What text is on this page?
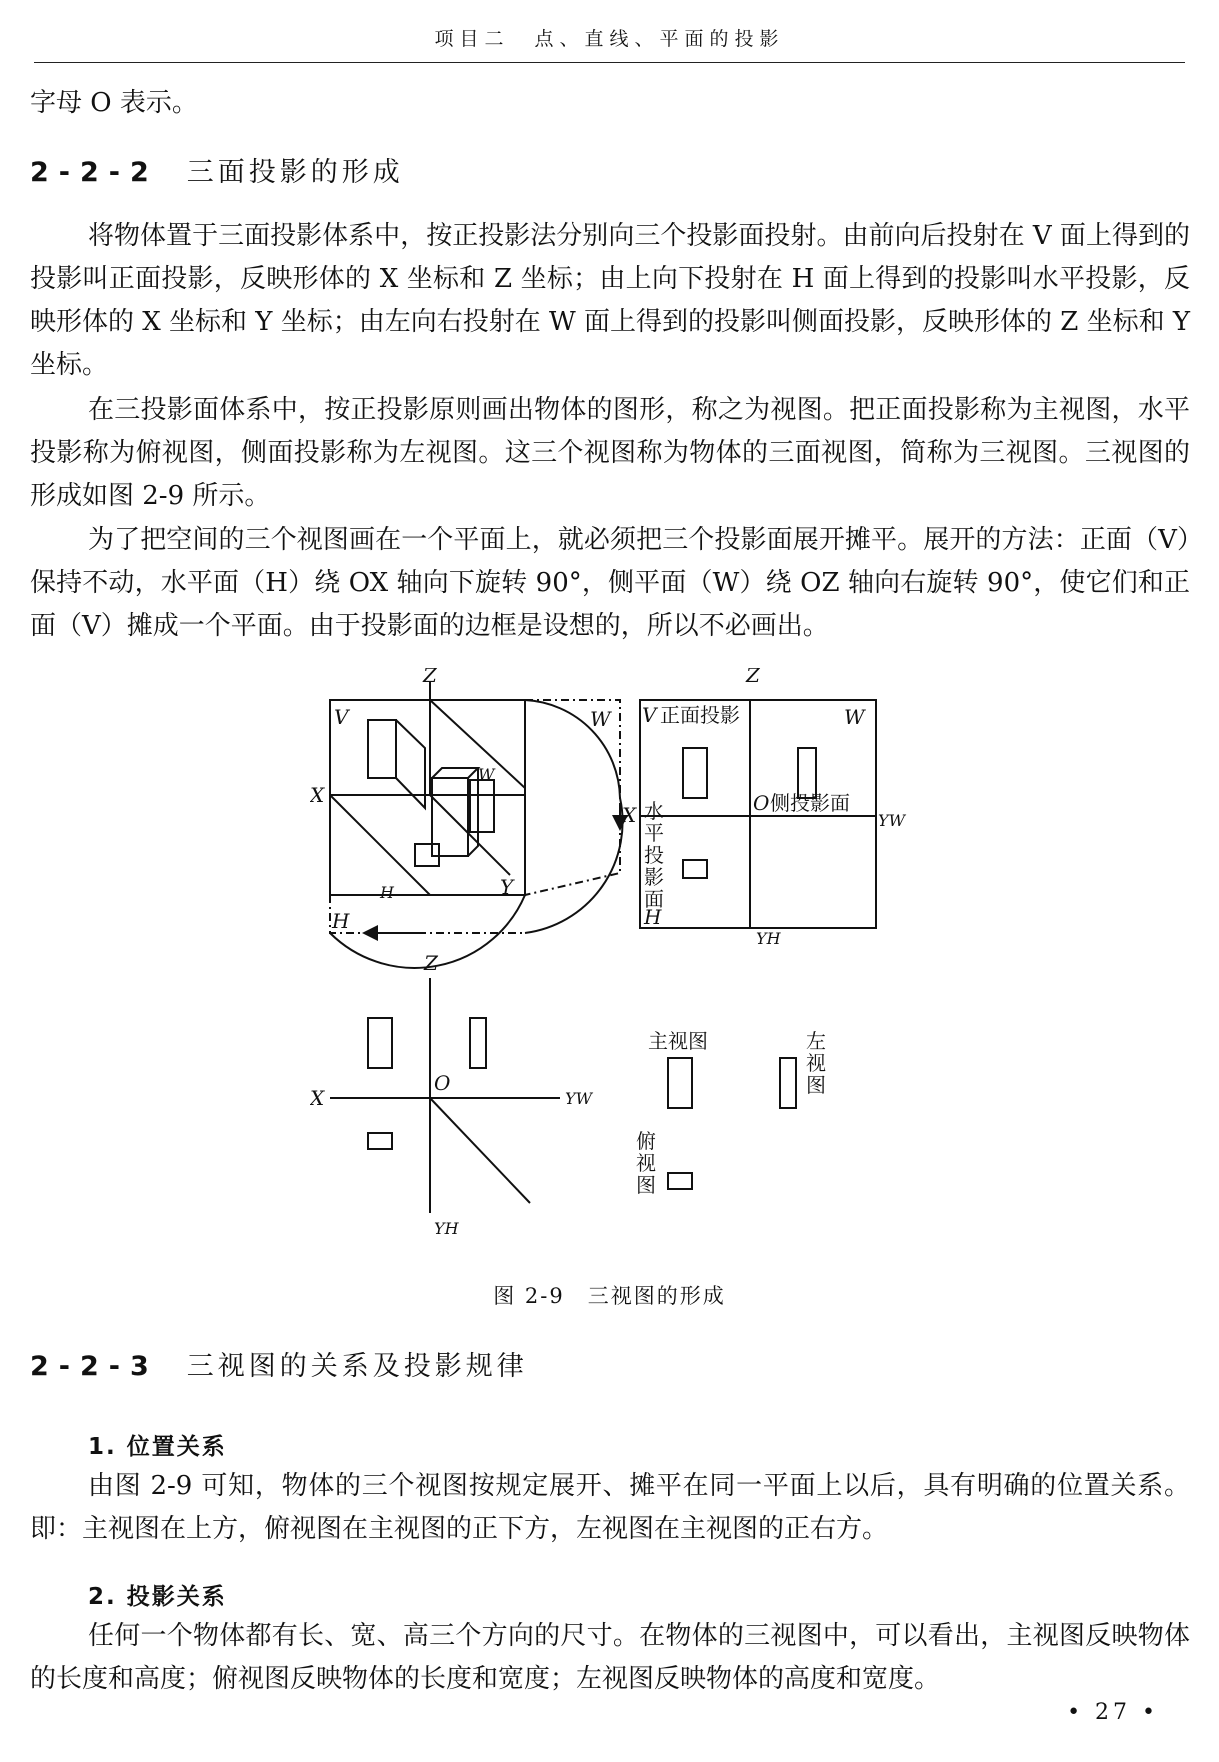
项目二　点、直线、平面的投影

字母 O 表示。

2-2-2 三面投影的形成

将物体置于三面投影体系中，按正投影法分别向三个投影面投射。由前向后投射在 V 面上得到的投影叫正面投影，反映形体的 X 坐标和 Z 坐标；由上向下投射在 H 面上得到的投影叫水平投影，反映形体的 X 坐标和 Y 坐标；由左向右投射在 W 面上得到的投影叫侧面投影，反映形体的 Z 坐标和 Y 坐标。

在三投影面体系中，按正投影原则画出物体的图形，称之为视图。把正面投影称为主视图，水平投影称为俯视图，侧面投影称为左视图。这三个视图称为物体的三面视图，简称为三视图。三视图的形成如图 2-9 所示。

为了把空间的三个视图画在一个平面上，就必须把三个投影面展开摊平。展开的方法：正面（V）保持不动，水平面（H）绕 OX 轴向下旋转 90°，侧平面（W）绕 OZ 轴向右旋转 90°，使它们和正面（V）摊成一个平面。由于投影面的边框是设想的，所以不必画出。

Z
V	W
W
X
H
H	Y
Z
V 正面投影	W
O 侧投影面
X	YW
水
平
投
影
面
H
YH
Z
X
O
YW
YH
主视图	左
视
图
俯
视
图
图 2-9　三视图的形成
2-2-3 三视图的关系及投影规律
1. 位置关系

由图 2-9 可知，物体的三个视图按规定展开、摊平在同一平面上以后，具有明确的位置关系。即：主视图在上方，俯视图在主视图的正下方，左视图在主视图的正右方。

2. 投影关系

任何一个物体都有长、宽、高三个方向的尺寸。在物体的三视图中，可以看出，主视图反映物体的长度和高度；俯视图反映物体的长度和宽度；左视图反映物体的高度和宽度。

• 27 •
